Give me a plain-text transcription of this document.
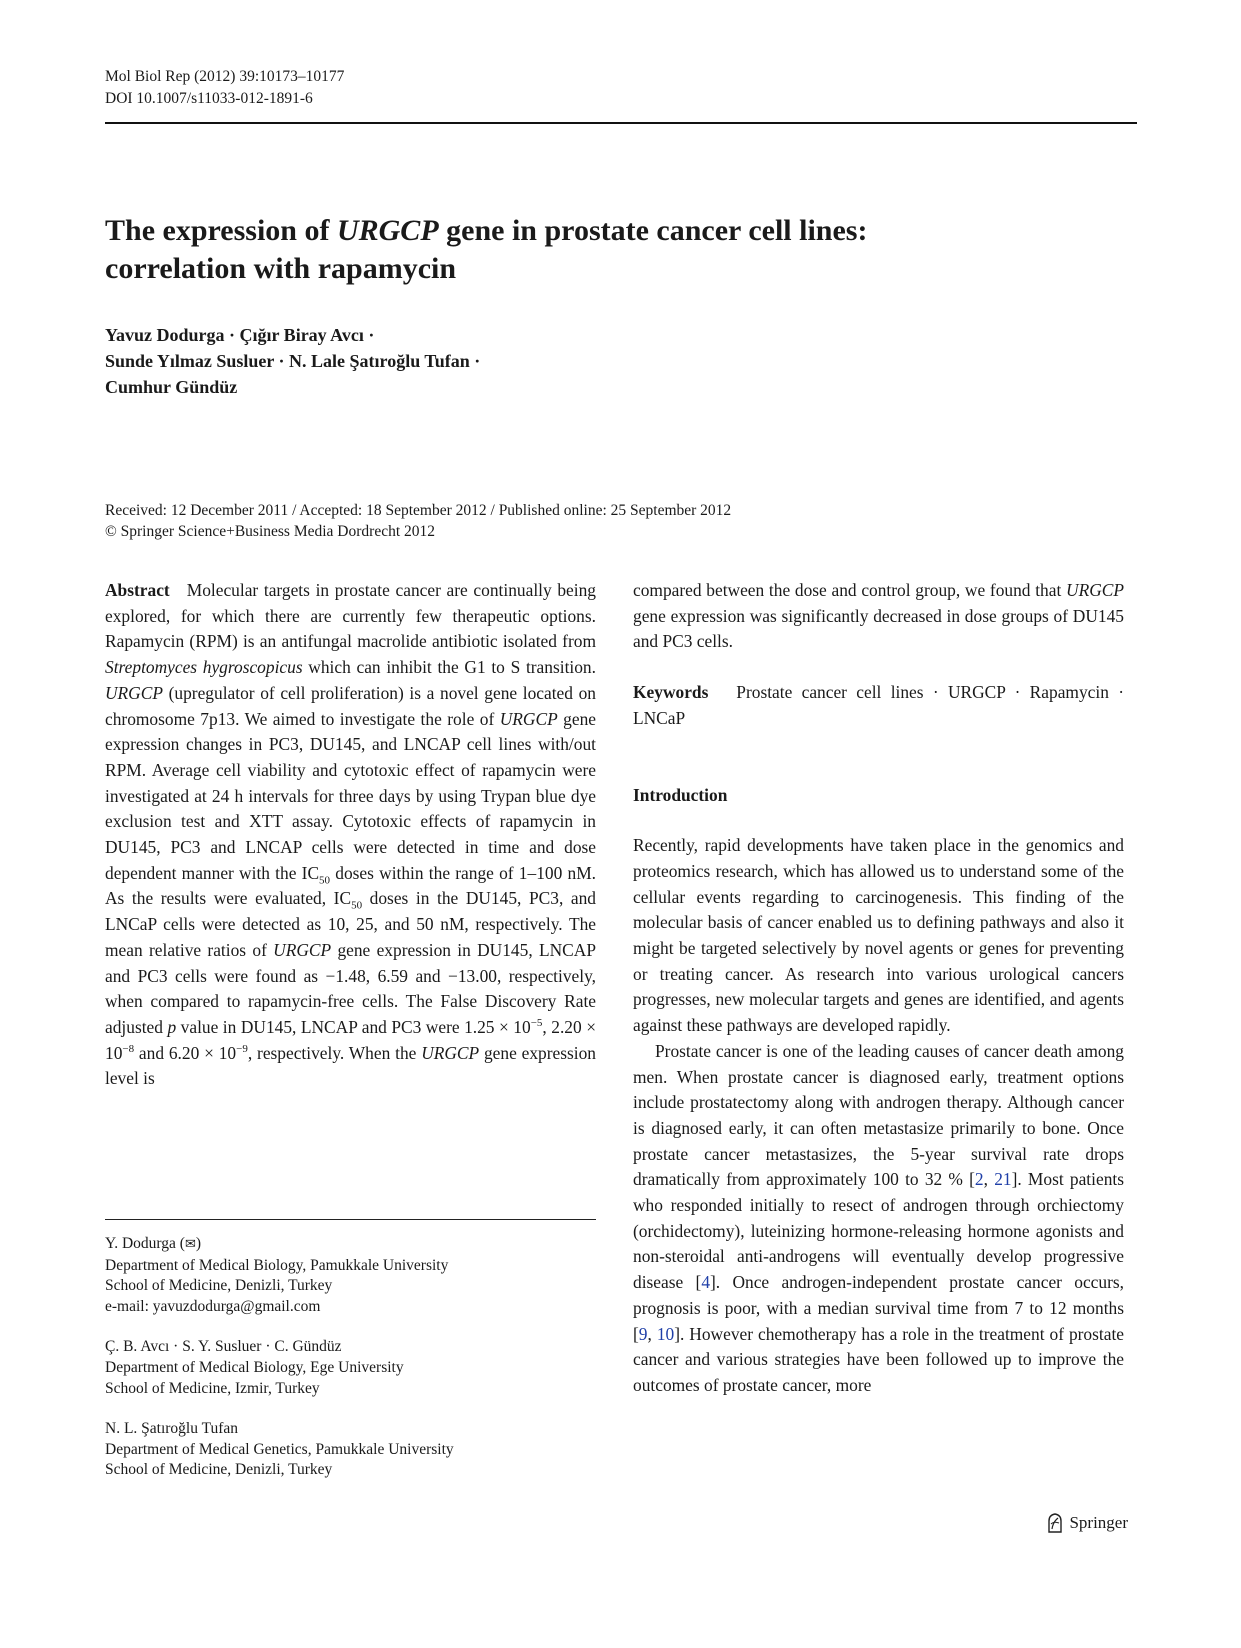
Mol Biol Rep (2012) 39:10173–10177
DOI 10.1007/s11033-012-1891-6
The expression of URGCP gene in prostate cancer cell lines:
correlation with rapamycin
Yavuz Dodurga · Çığır Biray Avcı ·
Sunde Yılmaz Susluer · N. Lale Şatıroğlu Tufan ·
Cumhur Gündüz
Received: 12 December 2011 / Accepted: 18 September 2012 / Published online: 25 September 2012
© Springer Science+Business Media Dordrecht 2012

Abstract Molecular targets in prostate cancer are continually being explored, for which there are currently few therapeutic options. Rapamycin (RPM) is an antifungal macrolide antibiotic isolated from Streptomyces hygroscopicus which can inhibit the G1 to S transition. URGCP (upregulator of cell proliferation) is a novel gene located on chromosome 7p13. We aimed to investigate the role of URGCP gene expression changes in PC3, DU145, and LNCAP cell lines with/out RPM. Average cell viability and cytotoxic effect of rapamycin were investigated at 24 h intervals for three days by using Trypan blue dye exclusion test and XTT assay. Cytotoxic effects of rapamycin in DU145, PC3 and LNCAP cells were detected in time and dose dependent manner with the $IC_{50}$ doses within the range of 1–100 nM. As the results were evaluated, $IC_{50}$ doses in the DU145, PC3, and LNCaP cells were detected as 10, 25, and 50 nM, respectively. The mean relative ratios of URGCP gene expression in DU145, LNCAP and PC3 cells were found as −1.48, 6.59 and −13.00, respectively, when compared to rapamycin-free cells. The False Discovery Rate adjusted p value in DU145, LNCAP and PC3 were $1.25 \times 10^{-5}$, $2.20 \times 10^{-8}$ and $6.20 \times 10^{-9}$, respectively. When the URGCP gene expression level is

Y. Dodurga (✉)
Department of Medical Biology, Pamukkale University
School of Medicine, Denizli, Turkey
e-mail: yavuzdodurga@gmail.com
Ç. B. Avcı · S. Y. Susluer · C. Gündüz
Department of Medical Biology, Ege University
School of Medicine, Izmir, Turkey
N. L. Şatıroğlu Tufan
Department of Medical Genetics, Pamukkale University
School of Medicine, Denizli, Turkey

compared between the dose and control group, we found that URGCP gene expression was significantly decreased in dose groups of DU145 and PC3 cells.

Keywords Prostate cancer cell lines · URGCP · Rapamycin · LNCaP

Introduction

Recently, rapid developments have taken place in the genomics and proteomics research, which has allowed us to understand some of the cellular events regarding to carcinogenesis. This finding of the molecular basis of cancer enabled us to defining pathways and also it might be targeted selectively by novel agents or genes for preventing or treating cancer. As research into various urological cancers progresses, new molecular targets and genes are identified, and agents against these pathways are developed rapidly.

Prostate cancer is one of the leading causes of cancer death among men. When prostate cancer is diagnosed early, treatment options include prostatectomy along with androgen therapy. Although cancer is diagnosed early, it can often metastasize primarily to bone. Once prostate cancer metastasizes, the 5-year survival rate drops dramatically from approximately 100 to 32 % [2, 21]. Most patients who responded initially to resect of androgen through orchiectomy (orchidectomy), luteinizing hormone-releasing hormone agonists and non-steroidal anti-androgens will eventually develop progressive disease [4]. Once androgen-independent prostate cancer occurs, prognosis is poor, with a median survival time from 7 to 12 months [9, 10]. However chemotherapy has a role in the treatment of prostate cancer and various strategies have been followed up to improve the outcomes of prostate cancer, more

Springer
